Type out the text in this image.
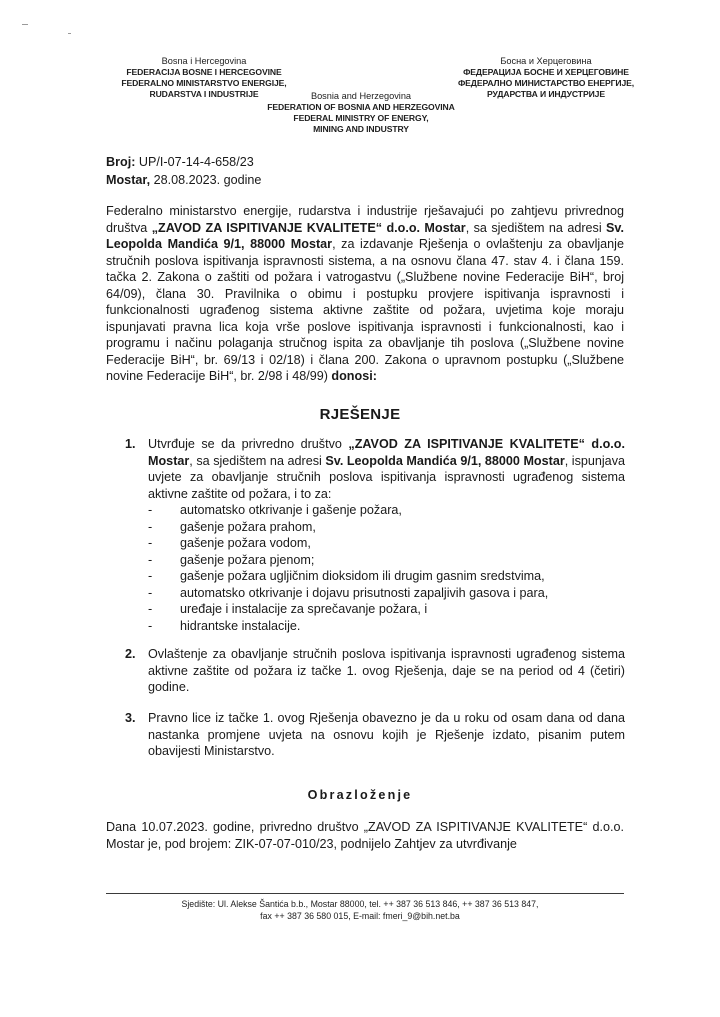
Bosna i Hercegovina
FEDERACIJA BOSNE I HERCEGOVINE
FEDERALNO MINISTARSTVO ENERGIJE,
RUDARSTVA I INDUSTRIJE
Босна и Херцеговина
ФЕДЕРАЦИЈА БОСНЕ И ХЕРЦЕГОВИНЕ
ФЕДЕРАЛНО МИНИСТАРСТВО ЕНЕРГИЈЕ,
РУДАРСТВА И ИНДУСТРИЈЕ
Bosnia and Herzegovina
FEDERATION OF BOSNIA AND HERZEGOVINA
FEDERAL MINISTRY OF ENERGY,
MINING AND INDUSTRY
Broj: UP/I-07-14-4-658/23
Mostar, 28.08.2023. godine
Federalno ministarstvo energije, rudarstva i industrije rješavajući po zahtjevu privrednog društva „ZAVOD ZA ISPITIVANJE KVALITETE“ d.o.o. Mostar, sa sjedištem na adresi Sv. Leopolda Mandića 9/1, 88000 Mostar, za izdavanje Rješenja o ovlaštenju za obavljanje stručnih poslova ispitivanja ispravnosti sistema, a na osnovu člana 47. stav 4. i člana 159. tačka 2. Zakona o zaštiti od požara i vatrogastvu („Službene novine Federacije BiH“, broj 64/09), člana 30. Pravilnika o obimu i postupku provjere ispitivanja ispravnosti i funkcionalnosti ugrađenog sistema aktivne zaštite od požara, uvjetima koje moraju ispunjavati pravna lica koja vrše poslove ispitivanja ispravnosti i funkcionalnosti, kao i programu i načinu polaganja stručnog ispita za obavljanje tih poslova („Službene novine Federacije BiH“, br. 69/13 i 02/18) i člana 200. Zakona o upravnom postupku („Službene novine Federacije BiH“, br. 2/98 i 48/99) donosi:
RJEŠENJE
1. Utvrđuje se da privredno društvo „ZAVOD ZA ISPITIVANJE KVALITETE“ d.o.o. Mostar, sa sjedištem na adresi Sv. Leopolda Mandića 9/1, 88000 Mostar, ispunjava uvjete za obavljanje stručnih poslova ispitivanja ispravnosti ugrađenog sistema aktivne zaštite od požara, i to za:
- automatsko otkrivanje i gašenje požara,
- gašenje požara prahom,
- gašenje požara vodom,
- gašenje požara pjenom;
- gašenje požara ugljičnim dioksidom ili drugim gasnim sredstvima,
- automatsko otkrivanje i dojavu prisutnosti zapaljivih gasova i para,
- uređaje i instalacije za sprečavanje požara, i
- hidrantske instalacije.
2. Ovlaštenje za obavljanje stručnih poslova ispitivanja ispravnosti ugrađenog sistema aktivne zaštite od požara iz tačke 1. ovog Rješenja, daje se na period od 4 (četiri) godine.
3. Pravno lice iz tačke 1. ovog Rješenja obavezno je da u roku od osam dana od dana nastanka promjene uvjeta na osnovu kojih je Rješenje izdato, pisanim putem obavijesti Ministarstvo.
Obrazloženje
Dana 10.07.2023. godine, privredno društvo „ZAVOD ZA ISPITIVANJE KVALITETE“ d.o.o. Mostar je, pod brojem: ZIK-07-07-010/23, podnijelo Zahtjev za utvrđivanje
Sjedište: Ul. Alekse Šantića b.b., Mostar 88000, tel. ++ 387 36 513 846, ++ 387 36 513 847,
fax ++ 387 36 580 015, E-mail: fmeri_9@bih.net.ba
